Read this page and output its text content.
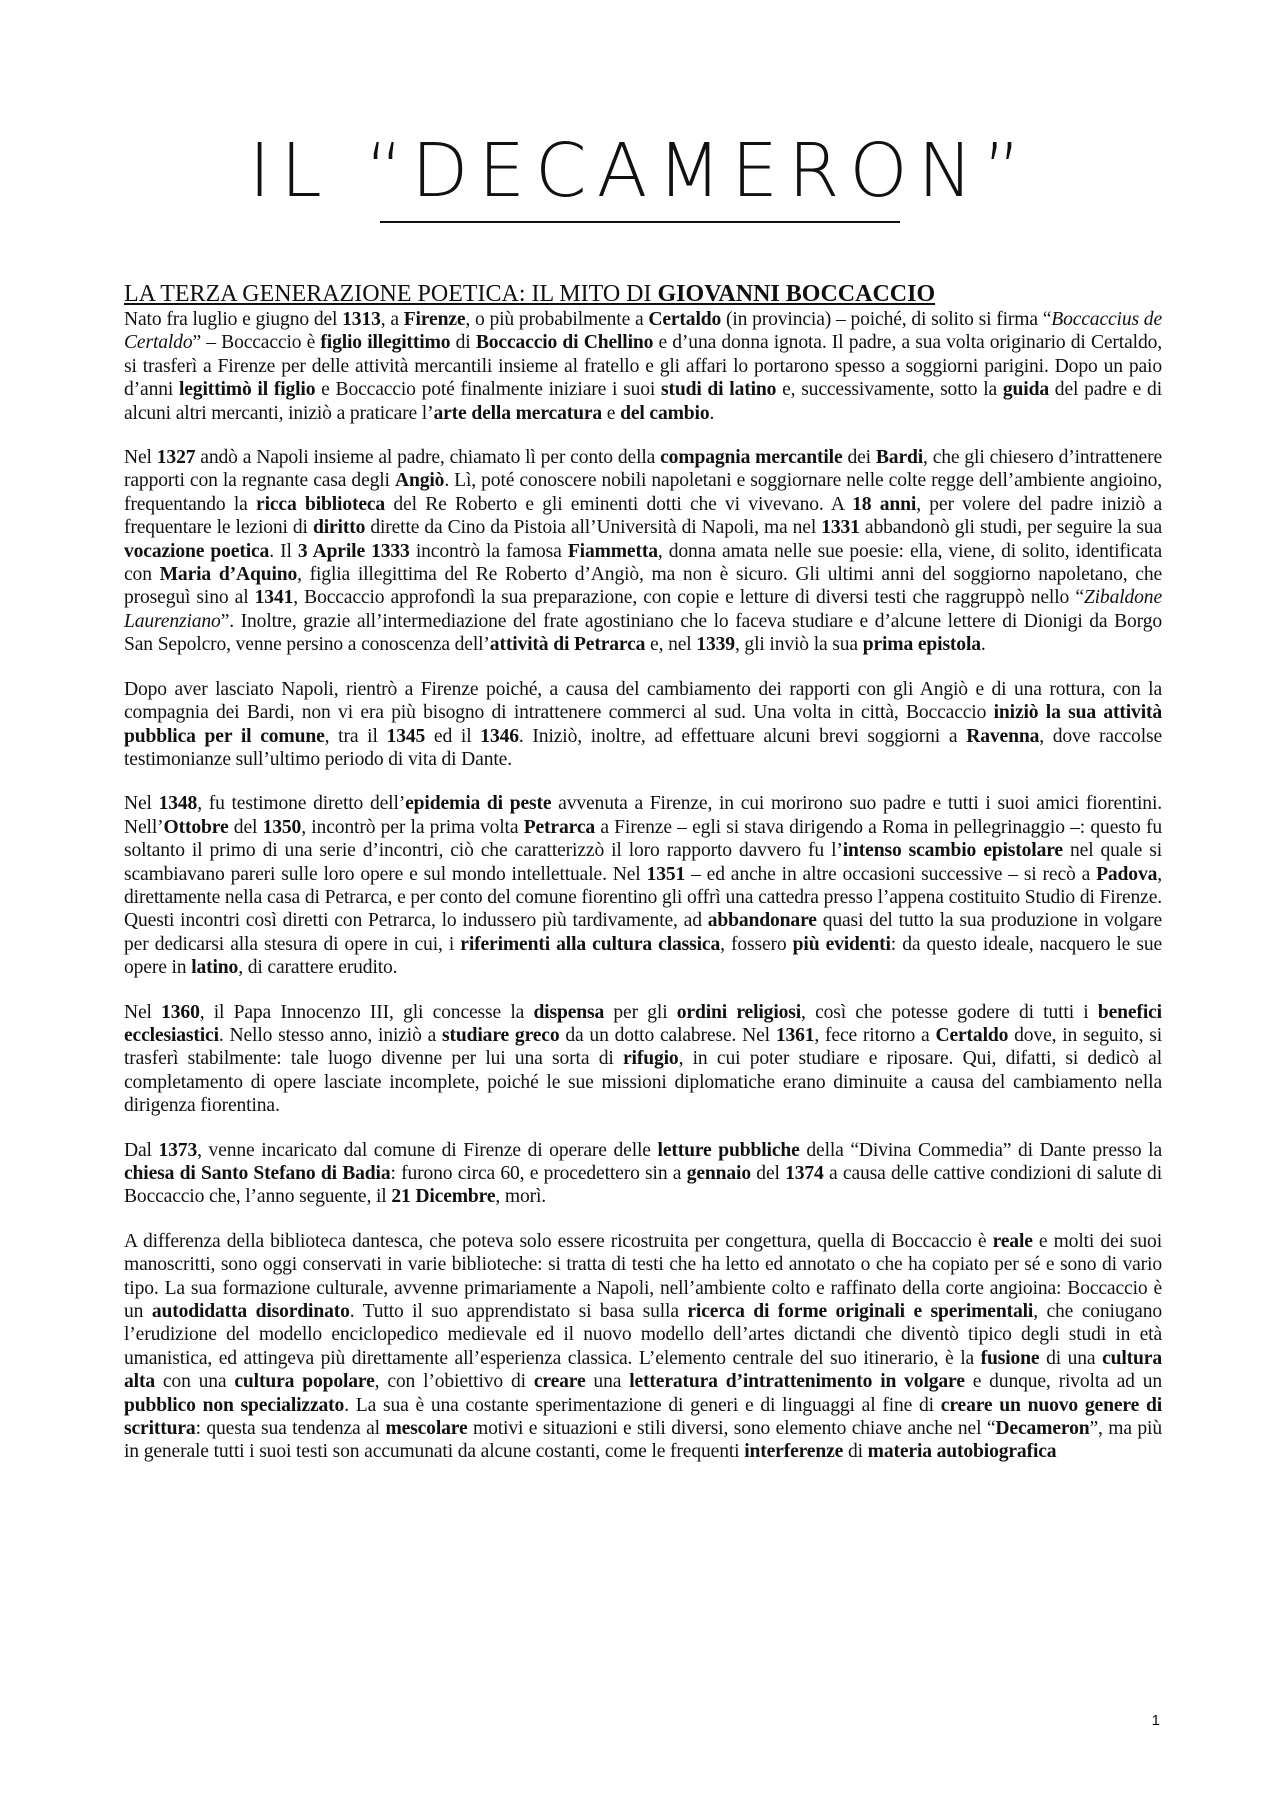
IL “DECAMERON”
LA TERZA GENERAZIONE POETICA: IL MITO DI GIOVANNI BOCCACCIO

Nato fra luglio e giugno del 1313, a Firenze, o più probabilmente a Certaldo (in provincia) – poiché, di solito si firma “Boccaccius de Certaldo” – Boccaccio è figlio illegittimo di Boccaccio di Chellino e d’una donna ignota. Il padre, a sua volta originario di Certaldo, si trasferì a Firenze per delle attività mercantili insieme al fratello e gli affari lo portarono spesso a soggiorni parigini. Dopo un paio d’anni legittimò il figlio e Boccaccio poté finalmente iniziare i suoi studi di latino e, successivamente, sotto la guida del padre e di alcuni altri mercanti, iniziò a praticare l’arte della mercatura e del cambio.

Nel 1327 andò a Napoli insieme al padre, chiamato lì per conto della compagnia mercantile dei Bardi, che gli chiesero d’intrattenere rapporti con la regnante casa degli Angiò. Lì, poté conoscere nobili napoletani e soggiornare nelle colte regge dell’ambiente angioino, frequentando la ricca biblioteca del Re Roberto e gli eminenti dotti che vi vivevano. A 18 anni, per volere del padre iniziò a frequentare le lezioni di diritto dirette da Cino da Pistoia all’Università di Napoli, ma nel 1331 abbandonò gli studi, per seguire la sua vocazione poetica. Il 3 Aprile 1333 incontrò la famosa Fiammetta, donna amata nelle sue poesie: ella, viene, di solito, identificata con Maria d’Aquino, figlia illegittima del Re Roberto d’Angiò, ma non è sicuro. Gli ultimi anni del soggiorno napoletano, che proseguì sino al 1341, Boccaccio approfondì la sua preparazione, con copie e letture di diversi testi che raggruppò nello “Zibaldone Laurenziano”. Inoltre, grazie all’intermediazione del frate agostiniano che lo faceva studiare e d’alcune lettere di Dionigi da Borgo San Sepolcro, venne persino a conoscenza dell’attività di Petrarca e, nel 1339, gli inviò la sua prima epistola.

Dopo aver lasciato Napoli, rientrò a Firenze poiché, a causa del cambiamento dei rapporti con gli Angiò e di una rottura, con la compagnia dei Bardi, non vi era più bisogno di intrattenere commerci al sud. Una volta in città, Boccaccio iniziò la sua attività pubblica per il comune, tra il 1345 ed il 1346. Iniziò, inoltre, ad effettuare alcuni brevi soggiorni a Ravenna, dove raccolse testimonianze sull’ultimo periodo di vita di Dante.

Nel 1348, fu testimone diretto dell’epidemia di peste avvenuta a Firenze, in cui morirono suo padre e tutti i suoi amici fiorentini. Nell’Ottobre del 1350, incontrò per la prima volta Petrarca a Firenze – egli si stava dirigendo a Roma in pellegrinaggio –: questo fu soltanto il primo di una serie d’incontri, ciò che caratterizzò il loro rapporto davvero fu l’intenso scambio epistolare nel quale si scambiavano pareri sulle loro opere e sul mondo intellettuale. Nel 1351 – ed anche in altre occasioni successive – si recò a Padova, direttamente nella casa di Petrarca, e per conto del comune fiorentino gli offrì una cattedra presso l’appena costituito Studio di Firenze. Questi incontri così diretti con Petrarca, lo indussero più tardivamente, ad abbandonare quasi del tutto la sua produzione in volgare per dedicarsi alla stesura di opere in cui, i riferimenti alla cultura classica, fossero più evidenti: da questo ideale, nacquero le sue opere in latino, di carattere erudito.

Nel 1360, il Papa Innocenzo III, gli concesse la dispensa per gli ordini religiosi, così che potesse godere di tutti i benefici ecclesiastici. Nello stesso anno, iniziò a studiare greco da un dotto calabrese. Nel 1361, fece ritorno a Certaldo dove, in seguito, si trasferì stabilmente: tale luogo divenne per lui una sorta di rifugio, in cui poter studiare e riposare. Qui, difatti, si dedicò al completamento di opere lasciate incomplete, poiché le sue missioni diplomatiche erano diminuite a causa del cambiamento nella dirigenza fiorentina.

Dal 1373, venne incaricato dal comune di Firenze di operare delle letture pubbliche della “Divina Commedia” di Dante presso la chiesa di Santo Stefano di Badia: furono circa 60, e procedettero sin a gennaio del 1374 a causa delle cattive condizioni di salute di Boccaccio che, l’anno seguente, il 21 Dicembre, morì.

A differenza della biblioteca dantesca, che poteva solo essere ricostruita per congettura, quella di Boccaccio è reale e molti dei suoi manoscritti, sono oggi conservati in varie biblioteche: si tratta di testi che ha letto ed annotato o che ha copiato per sé e sono di vario tipo. La sua formazione culturale, avvenne primariamente a Napoli, nell’ambiente colto e raffinato della corte angioina: Boccaccio è un autodidatta disordinato. Tutto il suo apprendistato si basa sulla ricerca di forme originali e sperimentali, che coniugano l’erudizione del modello enciclopedico medievale ed il nuovo modello dell’artes dictandi che diventò tipico degli studi in età umanistica, ed attingeva più direttamente all’esperienza classica. L’elemento centrale del suo itinerario, è la fusione di una cultura alta con una cultura popolare, con l’obiettivo di creare una letteratura d’intrattenimento in volgare e dunque, rivolta ad un pubblico non specializzato. La sua è una costante sperimentazione di generi e di linguaggi al fine di creare un nuovo genere di scrittura: questa sua tendenza al mescolare motivi e situazioni e stili diversi, sono elemento chiave anche nel “Decameron”, ma più in generale tutti i suoi testi son accumunati da alcune costanti, come le frequenti interferenze di materia autobiografica

1
